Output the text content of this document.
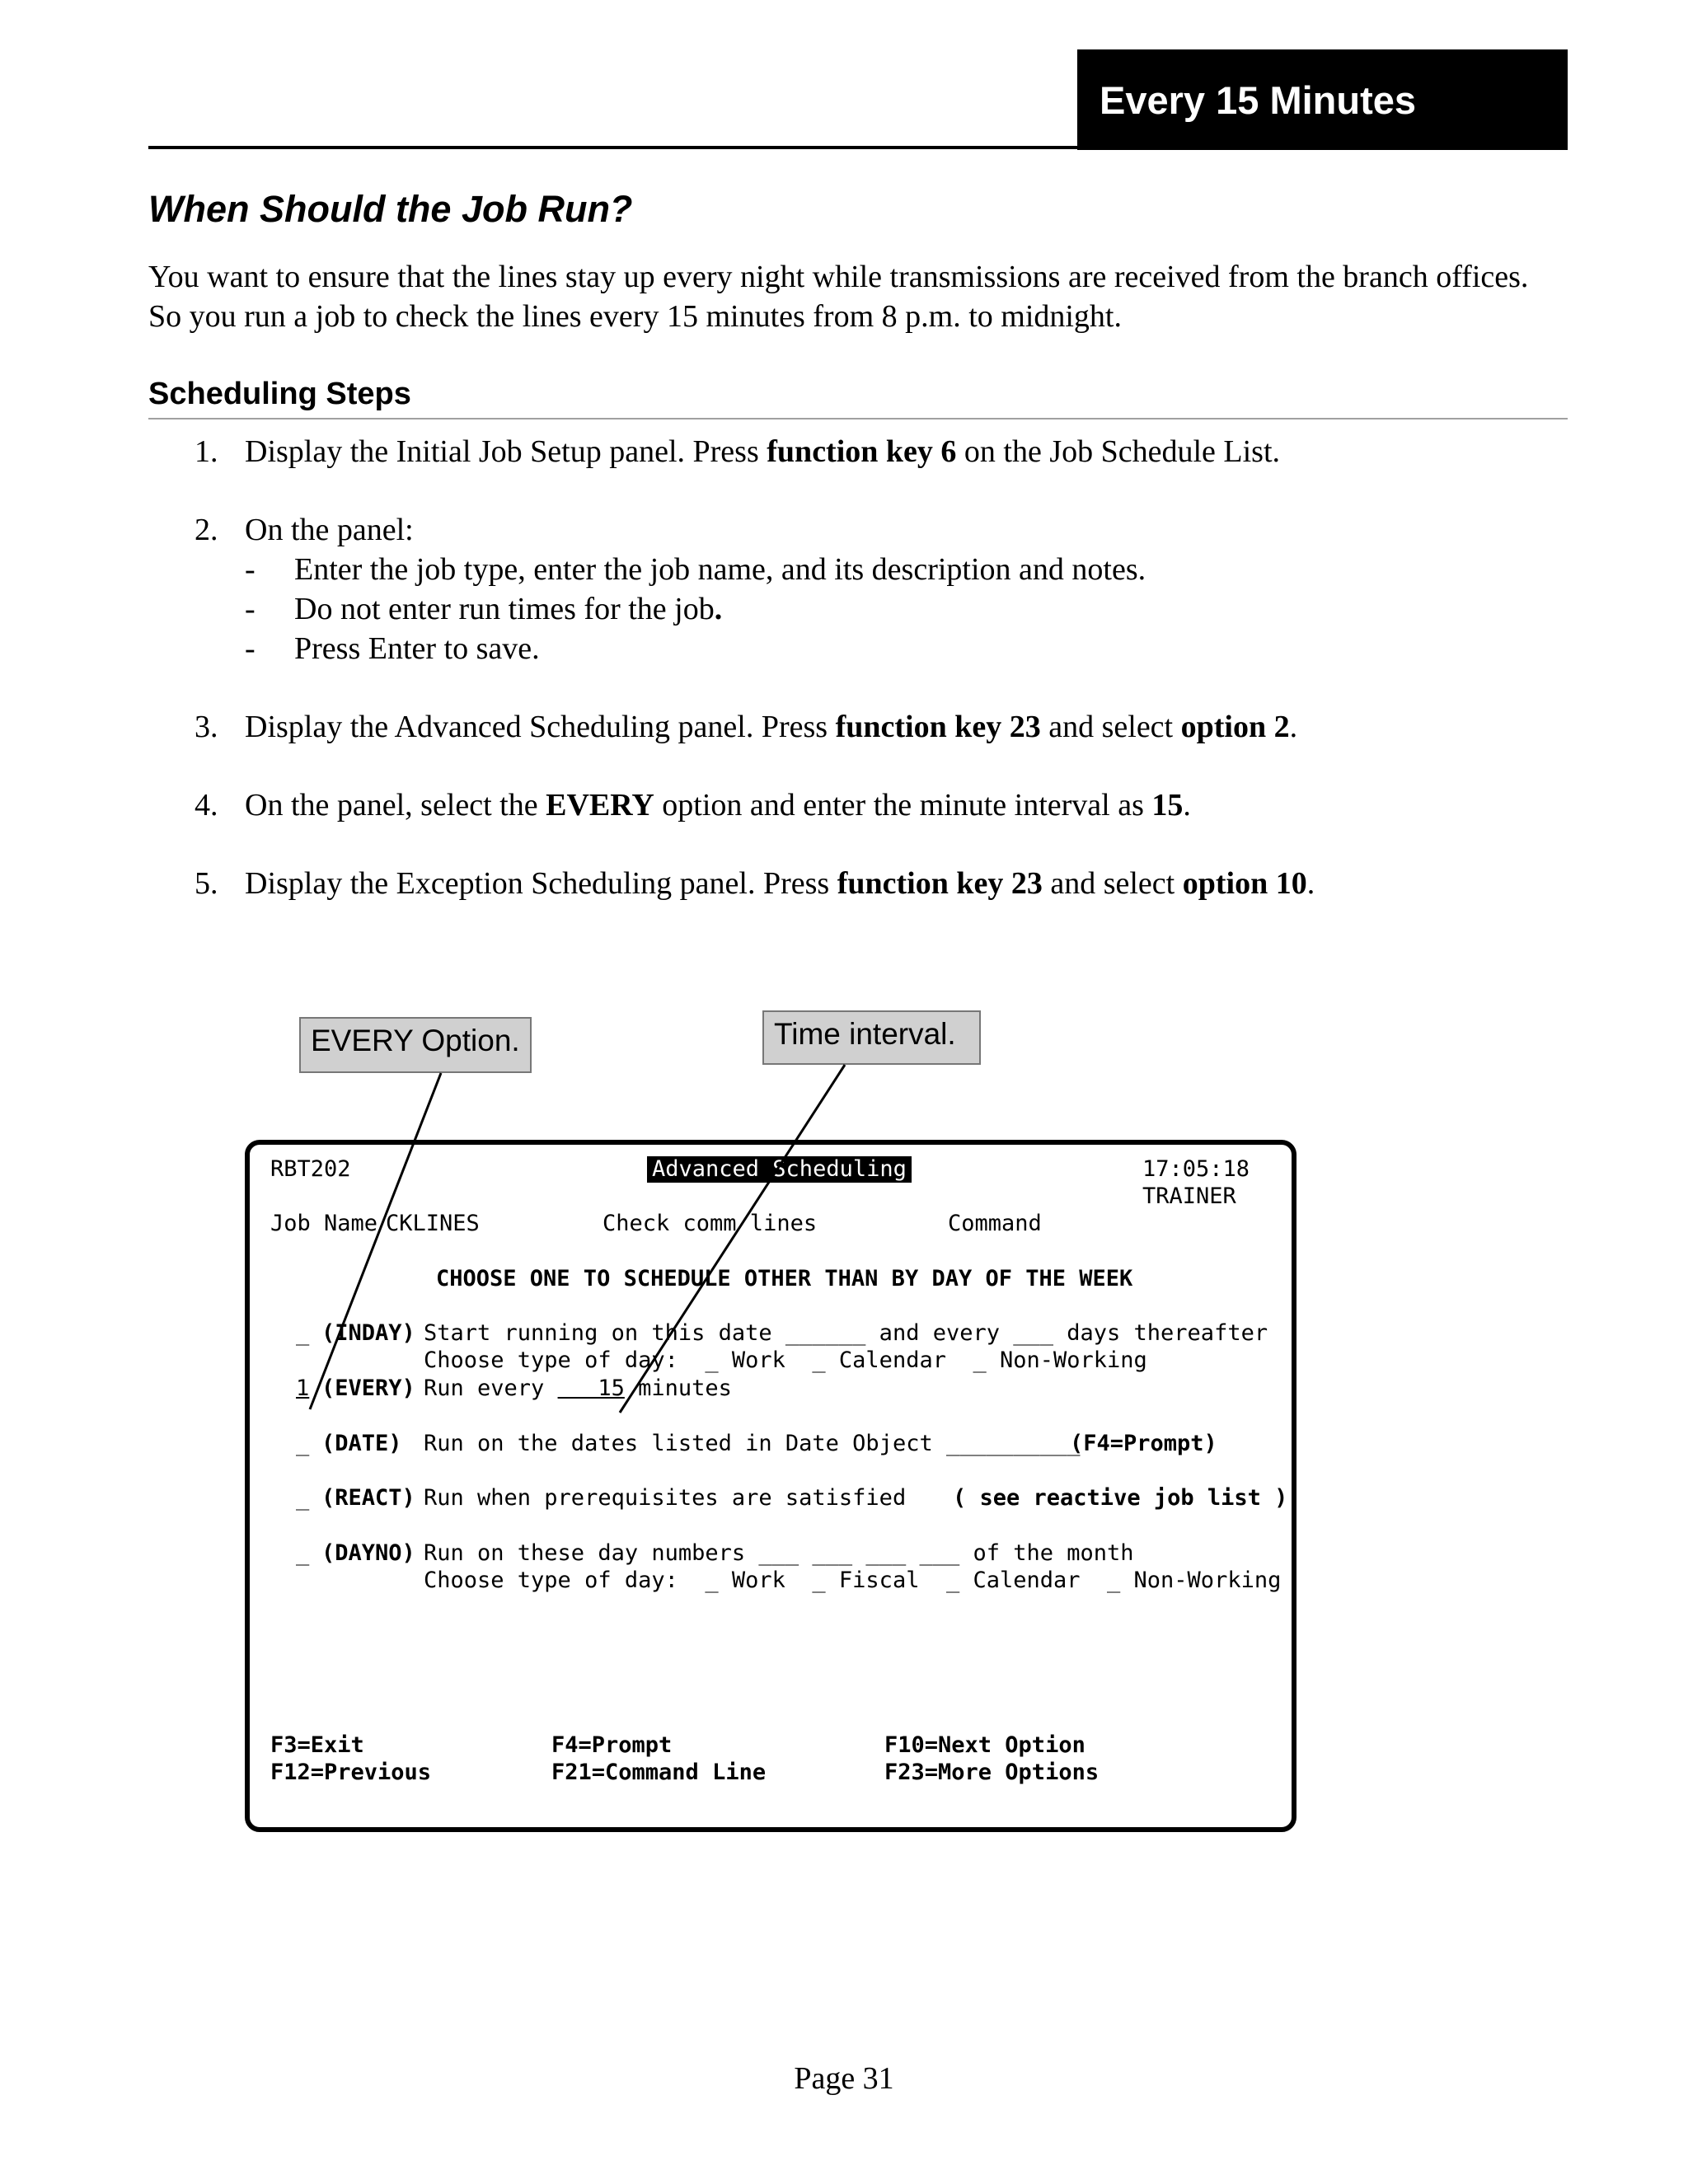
Every 15 Minutes
When Should the Job Run?
You want to ensure that the lines stay up every night while transmissions are received from the branch offices. So you run a job to check the lines every 15 minutes from 8 p.m. to midnight.
Scheduling Steps
1. Display the Initial Job Setup panel. Press function key 6 on the Job Schedule List.
2. On the panel:
- Enter the job type, enter the job name, and its description and notes.
- Do not enter run times for the job.
- Press Enter to save.
3. Display the Advanced Scheduling panel. Press function key 23 and select option 2.
4. On the panel, select the EVERY option and enter the minute interval as 15.
5. Display the Exception Scheduling panel. Press function key 23 and select option 10.
EVERY Option.	Time interval.
RBT202	Advanced Scheduling	17:05:18
TRAINER
Job Name CKLINES	Check comm lines	Command
CHOOSE ONE TO SCHEDULE OTHER THAN BY DAY OF THE WEEK
_ (INDAY) Start running on this date ______ and every ___ days thereafter
Choose type of day:  _ Work  _ Calendar  _ Non-Working
1 (EVERY) Run every    15 minutes
_ (DATE) Run on the dates listed in Date Object __________
(F4=Prompt)
_ (REACT) Run when prerequisites are satisfied ( see reactive job list )
_ (DAYNO) Run on these day numbers ___ ___ ___ ___ of the month
Choose type of day:  _ Work  _ Fiscal  _ Calendar  _ Non-Working
F3=Exit
F12=Previous
F4=Prompt
F21=Command Line
F10=Next Option
F23=More Options
Page 31
